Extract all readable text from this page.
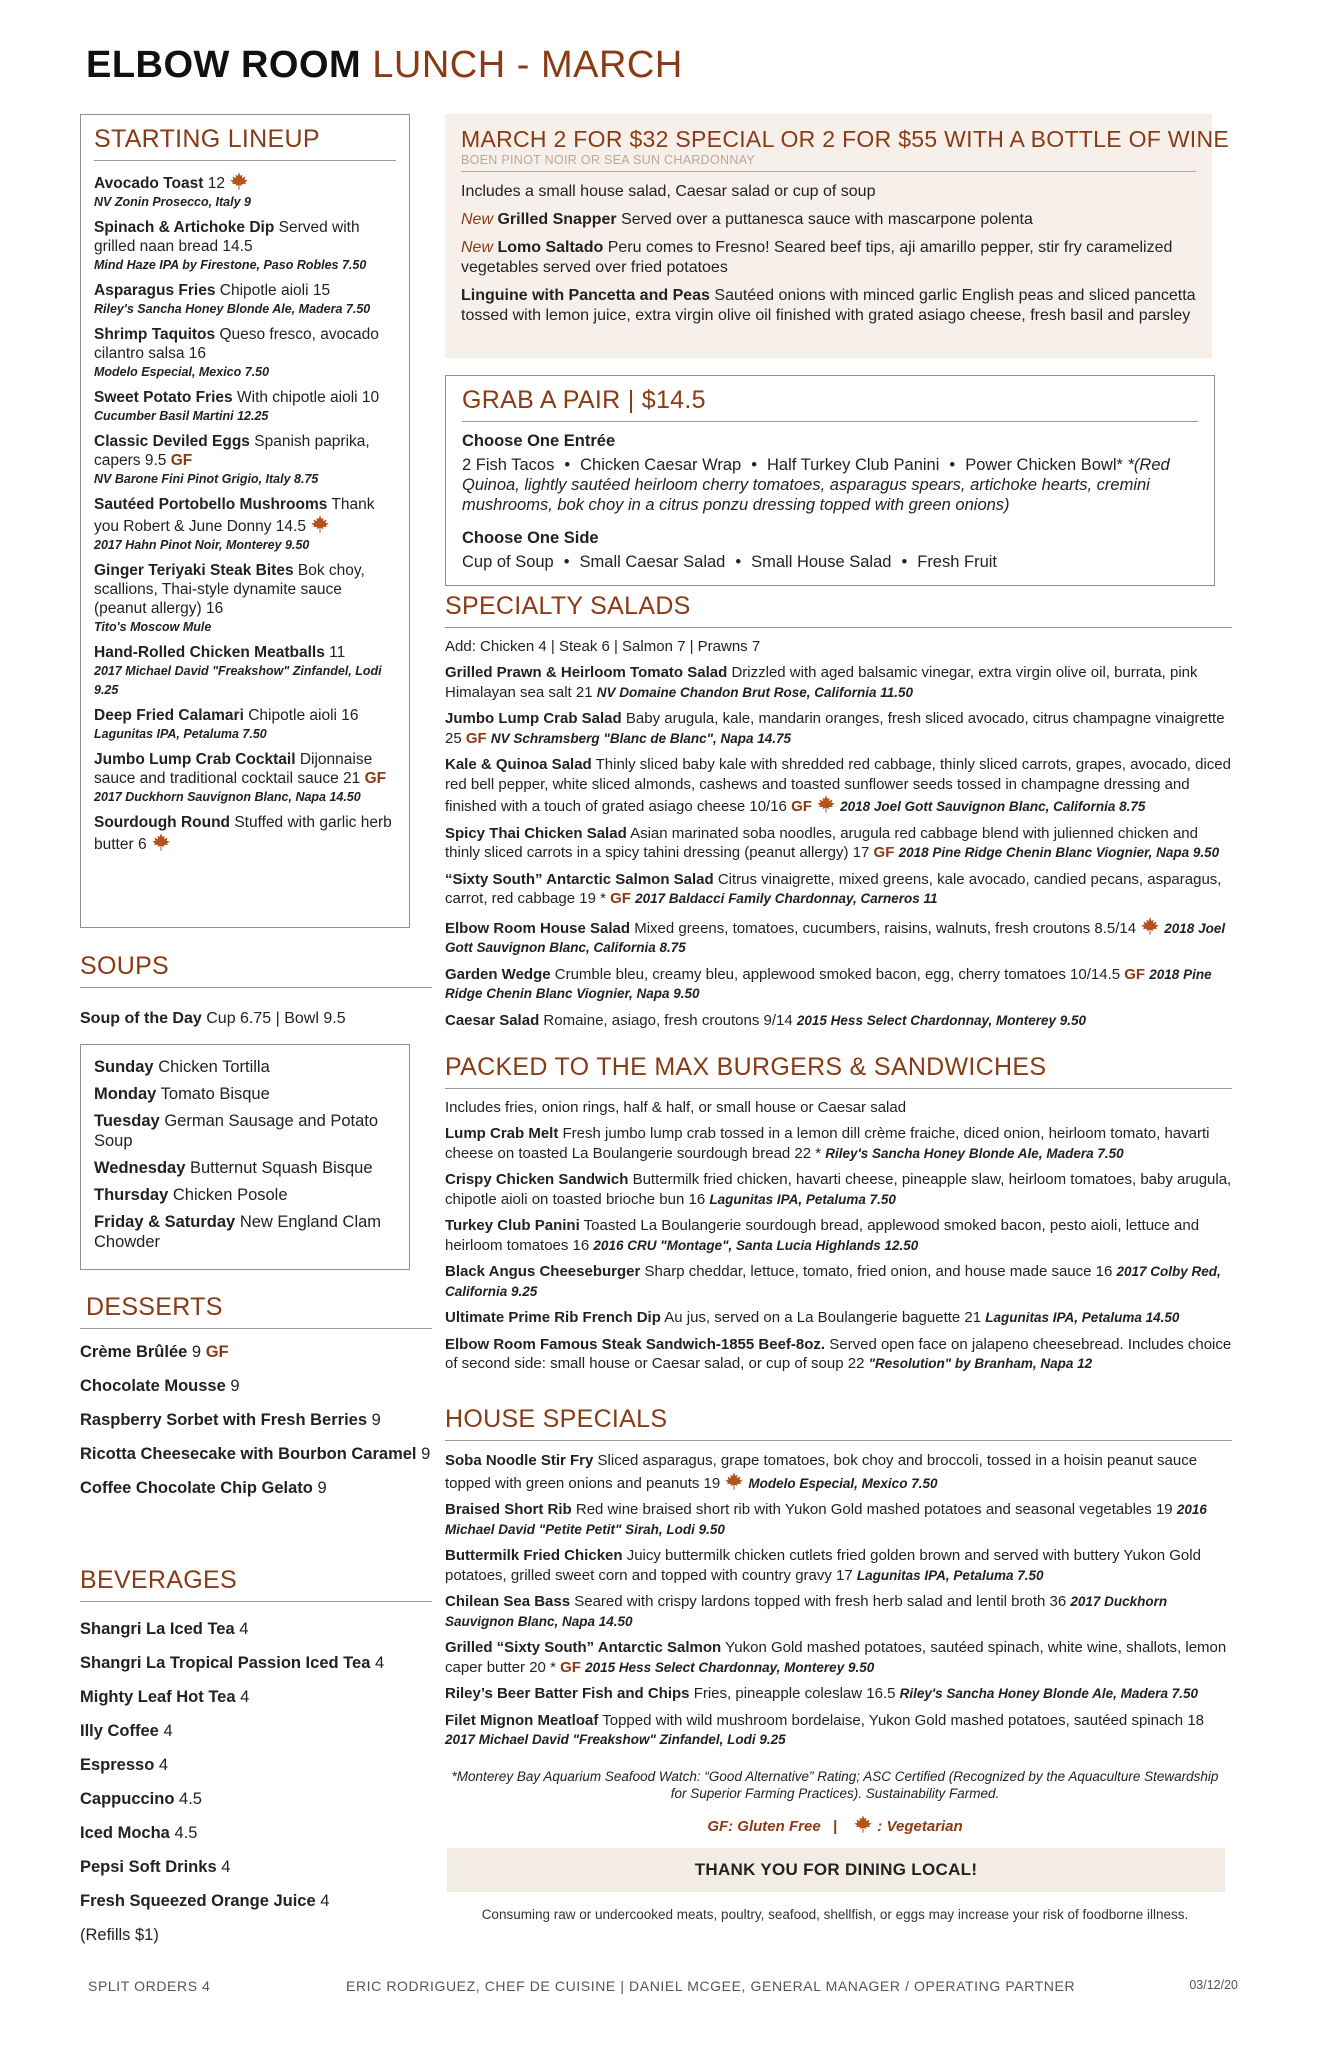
ELBOW ROOM LUNCH - MARCH
STARTING LINEUP
Avocado Toast 12
NV Zonin Prosecco, Italy 9
Spinach & Artichoke Dip Served with grilled naan bread 14.5
Mind Haze IPA by Firestone, Paso Robles 7.50
Asparagus Fries Chipotle aioli 15
Riley's Sancha Honey Blonde Ale, Madera 7.50
Shrimp Taquitos Queso fresco, avocado cilantro salsa 16
Modelo Especial, Mexico 7.50
Sweet Potato Fries With chipotle aioli 10
Cucumber Basil Martini 12.25
Classic Deviled Eggs Spanish paprika, capers 9.5 GF
NV Barone Fini Pinot Grigio, Italy 8.75
Sautéed Portobello Mushrooms Thank you Robert & June Donny 14.5
2017 Hahn Pinot Noir, Monterey 9.50
Ginger Teriyaki Steak Bites Bok choy, scallions, Thai-style dynamite sauce (peanut allergy) 16
Tito's Moscow Mule
Hand-Rolled Chicken Meatballs 11
2017 Michael David "Freakshow" Zinfandel, Lodi 9.25
Deep Fried Calamari Chipotle aioli 16
Lagunitas IPA, Petaluma 7.50
Jumbo Lump Crab Cocktail Dijonnaise sauce and traditional cocktail sauce 21 GF
2017 Duckhorn Sauvignon Blanc, Napa 14.50
Sourdough Round Stuffed with garlic herb butter 6
SOUPS
Soup of the Day Cup 6.75 | Bowl 9.5
Sunday Chicken Tortilla
Monday Tomato Bisque
Tuesday German Sausage and Potato Soup
Wednesday Butternut Squash Bisque
Thursday Chicken Posole
Friday & Saturday New England Clam Chowder
DESSERTS
Crème Brûlée 9 GF
Chocolate Mousse 9
Raspberry Sorbet with Fresh Berries 9
Ricotta Cheesecake with Bourbon Caramel 9
Coffee Chocolate Chip Gelato 9
BEVERAGES
Shangri La Iced Tea 4
Shangri La Tropical Passion Iced Tea 4
Mighty Leaf Hot Tea 4
Illy Coffee 4
Espresso 4
Cappuccino 4.5
Iced Mocha 4.5
Pepsi Soft Drinks 4
Fresh Squeezed Orange Juice 4
(Refills $1)
MARCH 2 FOR $32 SPECIAL OR 2 FOR $55 WITH A BOTTLE OF WINE
BOEN PINOT NOIR OR SEA SUN CHARDONNAY

Includes a small house salad, Caesar salad or cup of soup

New Grilled Snapper Served over a puttanesca sauce with mascarpone polenta

New Lomo Saltado Peru comes to Fresno! Seared beef tips, aji amarillo pepper, stir fry caramelized vegetables served over fried potatoes

Linguine with Pancetta and Peas Sautéed onions with minced garlic English peas and sliced pancetta tossed with lemon juice, extra virgin olive oil finished with grated asiago cheese, fresh basil and parsley

GRAB A PAIR | $14.5
Choose One Entrée
2 Fish Tacos • Chicken Caesar Wrap • Half Turkey Club Panini • Power Chicken Bowl* *(Red Quinoa, lightly sautéed heirloom cherry tomatoes, asparagus spears, artichoke hearts, cremini mushrooms, bok choy in a citrus ponzu dressing topped with green onions)
Choose One Side
Cup of Soup • Small Caesar Salad • Small House Salad • Fresh Fruit
SPECIALTY SALADS
Add: Chicken 4 | Steak 6 | Salmon 7 | Prawns 7
Grilled Prawn & Heirloom Tomato Salad Drizzled with aged balsamic vinegar, extra virgin olive oil, burrata, pink Himalayan sea salt 21 NV Domaine Chandon Brut Rose, California 11.50
Jumbo Lump Crab Salad Baby arugula, kale, mandarin oranges, fresh sliced avocado, citrus champagne vinaigrette 25 GF NV Schramsberg "Blanc de Blanc", Napa 14.75
Kale & Quinoa Salad Thinly sliced baby kale with shredded red cabbage, thinly sliced carrots, grapes, avocado, diced red bell pepper, white sliced almonds, cashews and toasted sunflower seeds tossed in champagne dressing and finished with a touch of grated asiago cheese 10/16 GF 2018 Joel Gott Sauvignon Blanc, California 8.75
Spicy Thai Chicken Salad Asian marinated soba noodles, arugula red cabbage blend with julienned chicken and thinly sliced carrots in a spicy tahini dressing (peanut allergy) 17 GF 2018 Pine Ridge Chenin Blanc Viognier, Napa 9.50
“Sixty South” Antarctic Salmon Salad Citrus vinaigrette, mixed greens, kale avocado, candied pecans, asparagus, carrot, red cabbage 19 * GF 2017 Baldacci Family Chardonnay, Carneros 11
Elbow Room House Salad Mixed greens, tomatoes, cucumbers, raisins, walnuts, fresh croutons 8.5/14 2018 Joel Gott Sauvignon Blanc, California 8.75
Garden Wedge Crumble bleu, creamy bleu, applewood smoked bacon, egg, cherry tomatoes 10/14.5 GF 2018 Pine Ridge Chenin Blanc Viognier, Napa 9.50
Caesar Salad Romaine, asiago, fresh croutons 9/14 2015 Hess Select Chardonnay, Monterey 9.50
PACKED TO THE MAX BURGERS & SANDWICHES
Includes fries, onion rings, half & half, or small house or Caesar salad
Lump Crab Melt Fresh jumbo lump crab tossed in a lemon dill crème fraiche, diced onion, heirloom tomato, havarti cheese on toasted La Boulangerie sourdough bread 22 * Riley's Sancha Honey Blonde Ale, Madera 7.50
Crispy Chicken Sandwich Buttermilk fried chicken, havarti cheese, pineapple slaw, heirloom tomatoes, baby arugula, chipotle aioli on toasted brioche bun 16 Lagunitas IPA, Petaluma 7.50
Turkey Club Panini Toasted La Boulangerie sourdough bread, applewood smoked bacon, pesto aioli, lettuce and heirloom tomatoes 16 2016 CRU "Montage", Santa Lucia Highlands 12.50
Black Angus Cheeseburger Sharp cheddar, lettuce, tomato, fried onion, and house made sauce 16 2017 Colby Red, California 9.25
Ultimate Prime Rib French Dip Au jus, served on a La Boulangerie baguette 21 Lagunitas IPA, Petaluma 14.50
Elbow Room Famous Steak Sandwich-1855 Beef-8oz. Served open face on jalapeno cheesebread. Includes choice of second side: small house or Caesar salad, or cup of soup 22 "Resolution" by Branham, Napa 12
HOUSE SPECIALS
Soba Noodle Stir Fry Sliced asparagus, grape tomatoes, bok choy and broccoli, tossed in a hoisin peanut sauce topped with green onions and peanuts 19 Modelo Especial, Mexico 7.50
Braised Short Rib Red wine braised short rib with Yukon Gold mashed potatoes and seasonal vegetables 19 2016 Michael David "Petite Petit" Sirah, Lodi 9.50
Buttermilk Fried Chicken Juicy buttermilk chicken cutlets fried golden brown and served with buttery Yukon Gold potatoes, grilled sweet corn and topped with country gravy 17 Lagunitas IPA, Petaluma 7.50
Chilean Sea Bass Seared with crispy lardons topped with fresh herb salad and lentil broth 36 2017 Duckhorn Sauvignon Blanc, Napa 14.50
Grilled “Sixty South” Antarctic Salmon Yukon Gold mashed potatoes, sautéed spinach, white wine, shallots, lemon caper butter 20 * GF 2015 Hess Select Chardonnay, Monterey 9.50
Riley’s Beer Batter Fish and Chips Fries, pineapple coleslaw 16.5 Riley's Sancha Honey Blonde Ale, Madera 7.50
Filet Mignon Meatloaf Topped with wild mushroom bordelaise, Yukon Gold mashed potatoes, sautéed spinach 18 2017 Michael David "Freakshow" Zinfandel, Lodi 9.25
*Monterey Bay Aquarium Seafood Watch: “Good Alternative” Rating; ASC Certified (Recognized by the Aquaculture Stewardship for Superior Farming Practices). Sustainability Farmed.
GF: Gluten Free |	: Vegetarian
THANK YOU FOR DINING LOCAL!
Consuming raw or undercooked meats, poultry, seafood, shellfish, or eggs may increase your risk of foodborne illness.
SPLIT ORDERS 4	ERIC RODRIGUEZ, CHEF DE CUISINE | DANIEL MCGEE, GENERAL MANAGER / OPERATING PARTNER	03/12/20
